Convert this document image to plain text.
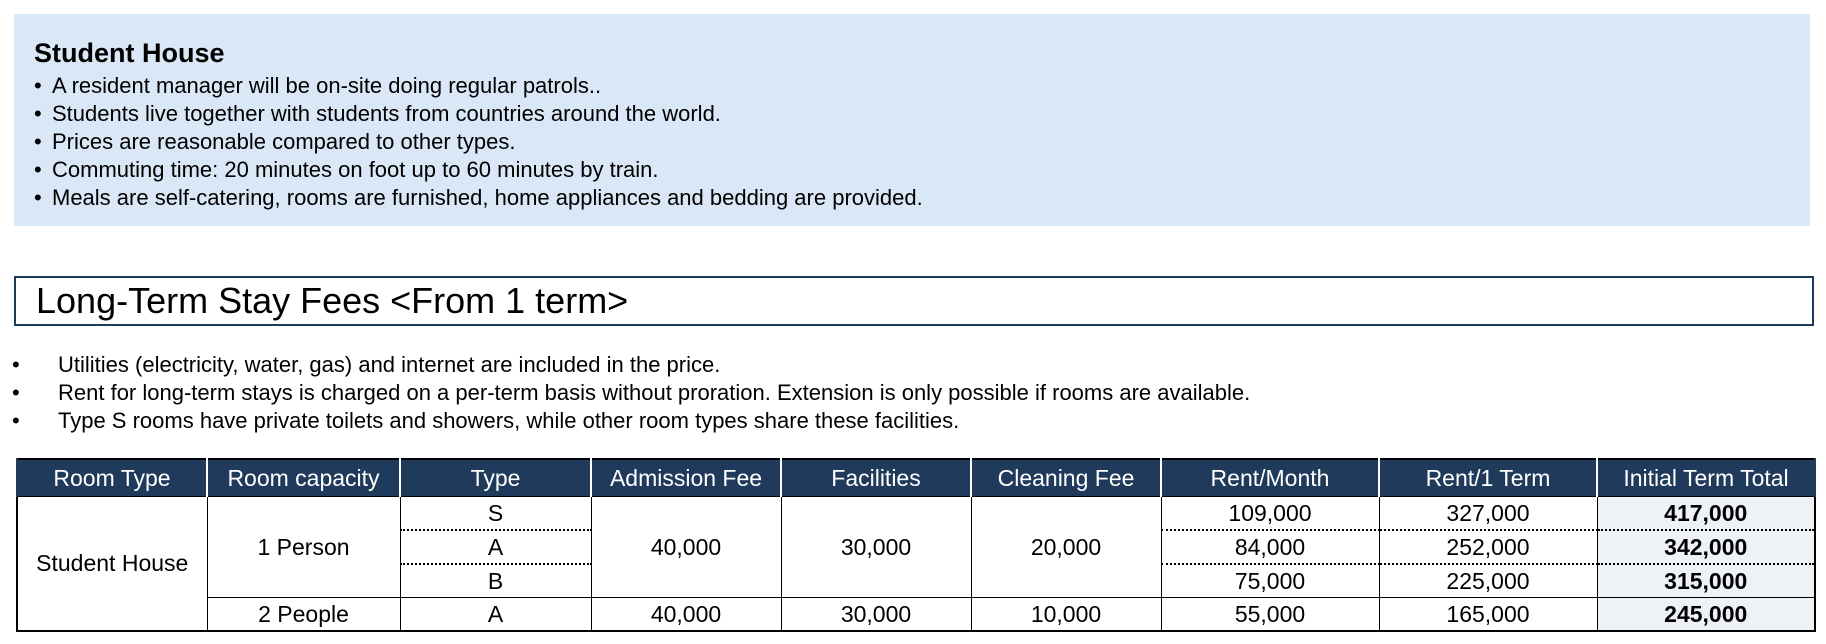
Student House
• A resident manager will be on-site doing regular patrols..
• Students live together with students from countries around the world.
• Prices are reasonable compared to other types.
• Commuting time: 20 minutes on foot up to 60 minutes by train.
• Meals are self-catering, rooms are furnished, home appliances and bedding are provided.
Long-Term Stay Fees <From 1 term>
• Utilities (electricity, water, gas) and internet are included in the price.
• Rent for long-term stays is charged on a per-term basis without proration. Extension is only possible if rooms are available.
• Type S rooms have private toilets and showers, while other room types share these facilities.
Room Type	Room capacity	Type	Admission Fee	Facilities	Cleaning Fee	Rent/Month	Rent/1 Term	Initial Term Total
Student House	1 Person	S	40,000	30,000	20,000	109,000	327,000	417,000
		A				84,000	252,000	342,000
		B				75,000	225,000	315,000
	2 People	A	40,000	30,000	10,000	55,000	165,000	245,000
